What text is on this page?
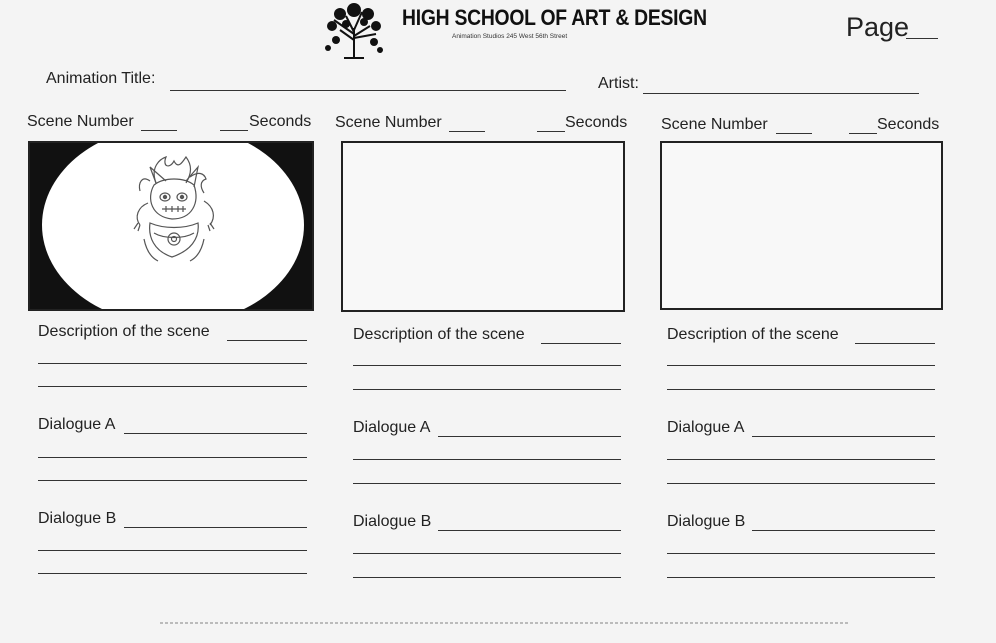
HIGH SCHOOL OF ART & DESIGN
Animation Studios 245 West 56th Street	Page
Animation Title:	Artist:
Scene Number	Seconds
Description of the scene
Dialogue A
Dialogue B
Scene Number	Seconds
Description of the scene
Dialogue A
Dialogue B
Scene Number	Seconds
Description of the scene
Dialogue A
Dialogue B
